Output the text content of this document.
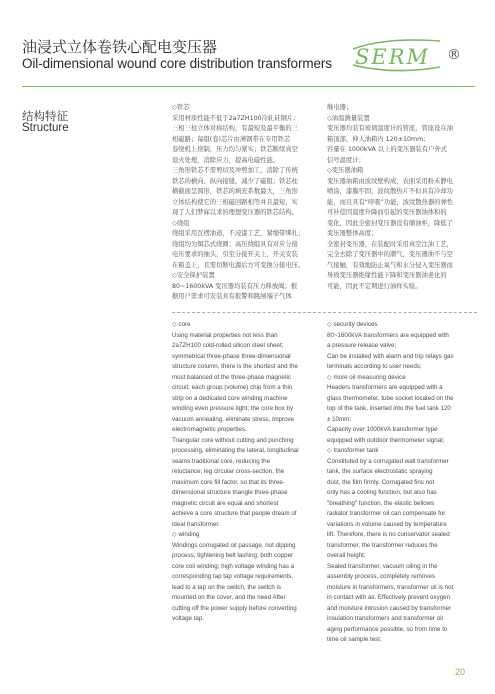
油浸式立体卷铁心配电变压器
Oil-dimensional wound core distribution transformers SERM ®
结构特征
Structure

◇铁芯

采用材质性能不低于2a7ZH100冷轧硅钢片;

三相三柱立体对称结构，有最短及最平衡的三

相磁路；每组(卷)芯片由薄钢带在专用铁芯

卷绕机上绕制，压力均匀紧实；铁芯断续真空

退火处理，消除应力，提高电磁性能。

三角形铁芯不需剪切及冲剪加工，消除了传统

铁芯的横向、纵向接缝，减少了磁阻；铁芯柱

横截面呈圆形，铁芯的填充系数最大，三角形

立体结构使它的三相磁回路相等并且最短，实

现了人们梦寐以求的理想变压器的铁芯结构。

◇绕组

绕组采用瓦楞油道，不浸漆工艺，紧缩带绑扎；

绕组均为铜芯式绕圈；高压绕组具有对应分接

电压要求的抽头，引至分接开关上，开关安装

在箱盖上，且需切断电源后方可变换分接电压。

◇安全保护装置

80~1600kVA 变压器均装有压力释放阀；根

据用户需求可安装具有报警和跳闸端子气体

继电器；

◇油温测量装置

变压器均装有玻璃温度计的管座，管座设在油

箱顶部，伸入油箱内 120±10mm;

容量在 1000kVA 以上的变压器装有户外式

信号温度计；

◇变压器油箱

变压器油箱由波纹壁构成，表面采用粉末静电

喷涂，漆膜牢固，波纹散热片不但具有冷却功

能，而且具有“呼吸”功能，波纹散热器的弹性

可补偿因温度升降而引起的变压器油体积的

变化，因此全密封变压器没有储油柜，降低了

变压器整体高度；

全密封变压器，在装配时采用真空注油工艺，

完全去除了变压器中的潮气，变压器油不与空

气接触，有效地防止氧气和水分侵入变压器而

导致变压器绝缘性能下降和变压器油老化的

可能，因此不定期进行油样实验。

◇ core

Using material properties not less than

2a7ZH100 cold-rolled silicon steel sheet;

symmetrical three-phase three-dimensional

structure column, there is the shortest and the

most balanced of the three-phase magnetic

circuit; each group (volume) chip from a thin

strip on a dedicated core winding machine

winding even pressure tight; the core box by

vacuum annealing, eliminate stress, improve

electromagnetic properties.

Triangular core without cutting and punching

processing, eliminating the lateral, longitudinal

seams traditional core, reducing the

reluctance; leg circular cross-section, the

maximum core fill factor, so that its three-

dimensional structure triangle three-phase

magnetic circuit are equal and shortest

achieve a core structure that people dream of

ideal transformer.

◇ winding

Windings corrugated oil passage, not dipping

process, tightening belt lashing; both copper

core coil winding; high voltage winding has a

corresponding tap tap voltage requirements,

lead to a tap on the switch, the switch is

mounted on the cover, and the need After

cutting off the power supply before converting

voltage tap.

◇ security devices

80~1600kVA transformers are equipped with

a pressure release valve;

Can be installed with alarm and trip relays gas

terminals according to user needs;

◇ more oil measuring device

Headers transformers are equipped with a

glass thermometer, tube socket located on the

top of the tank, inserted into the fuel tank 120

± 10mm;

Capacity over 1000kVA transformer type

equipped with outdoor thermometer signal;

◇ transformer tank

Constituted by a corrugated wall transformer

tank, the surface electrostatic spraying

dust, the film firmly. Corrugated fins not

only has a cooling function, but also has

"breathing" function, the elastic bellows

radiator transformer oil can compensate for

variations in volume caused by temperature

lift. Therefore, there is no conservator sealed

transformer, the transformer reduces the

overall height;

Sealed transformer, vacuum oiling in the

assembly process, completely removes

moisture in transformers, transformer oil is not

in contact with air. Effectively prevent oxygen

and moisture intrusion caused by transformer

insulation transformers and transformer oil

aging performance possible, so from time to

time oil sample test.

20
